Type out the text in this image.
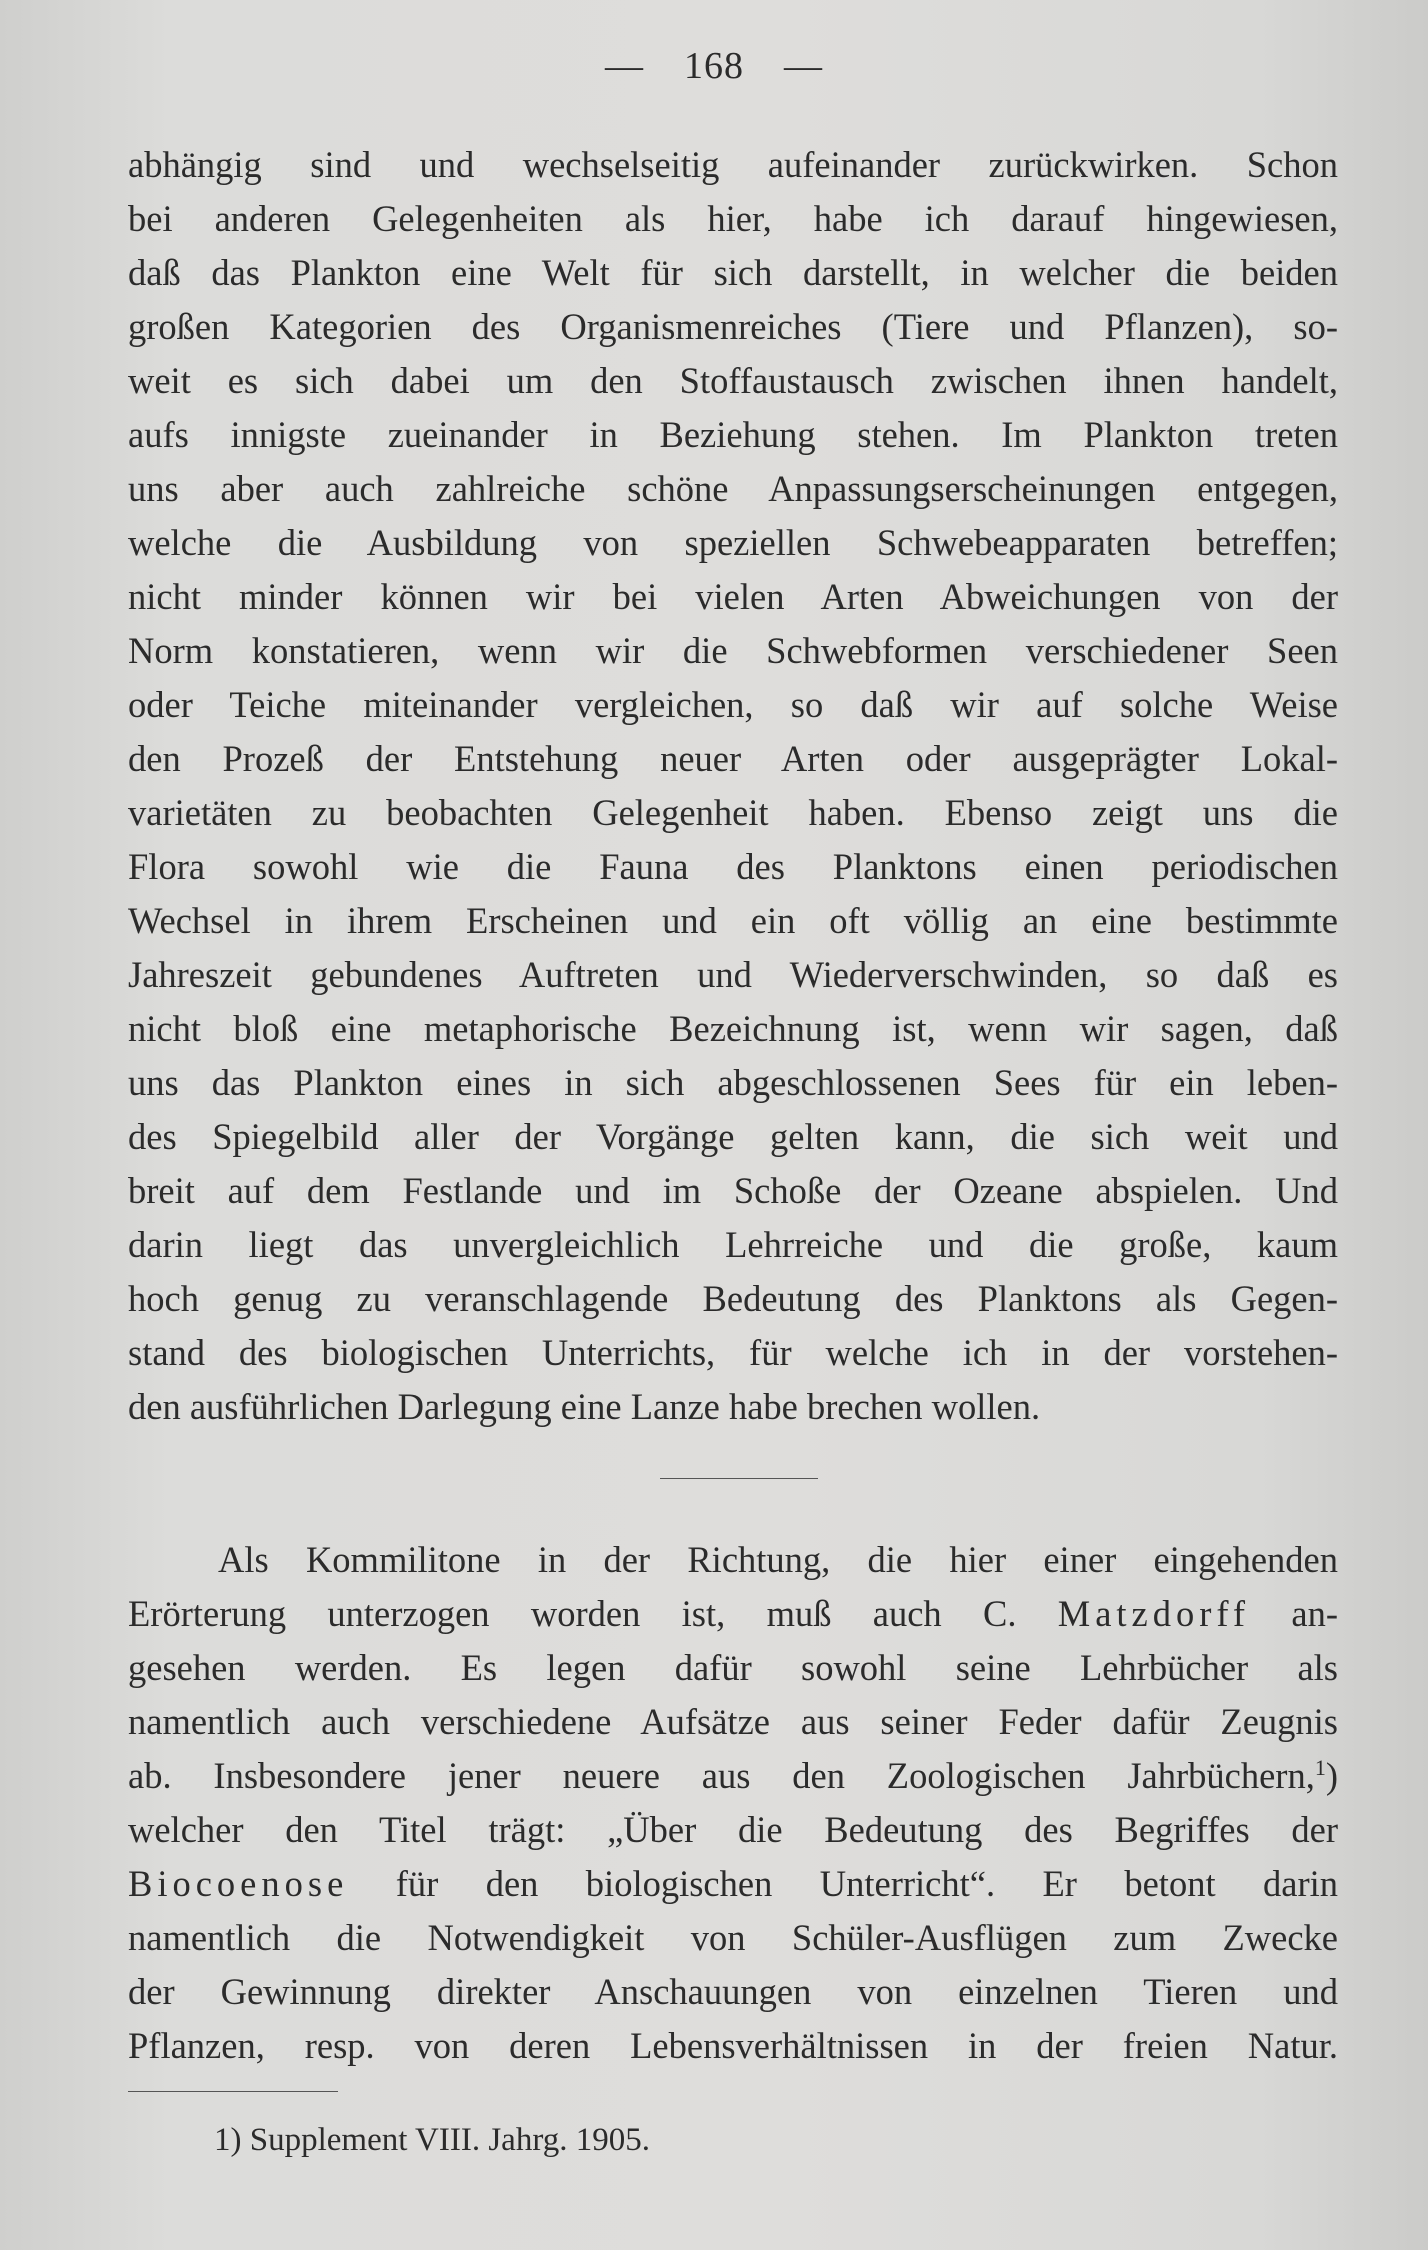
— 168 —
abhängig sind und wechselseitig aufeinander zurückwirken. Schon
bei anderen Gelegenheiten als hier, habe ich darauf hingewiesen,
daß das Plankton eine Welt für sich darstellt, in welcher die beiden
großen Kategorien des Organismenreiches (Tiere und Pflanzen), so-
weit es sich dabei um den Stoffaustausch zwischen ihnen handelt,
aufs innigste zueinander in Beziehung stehen. Im Plankton treten
uns aber auch zahlreiche schöne Anpassungserscheinungen entgegen,
welche die Ausbildung von speziellen Schwebeapparaten betreffen;
nicht minder können wir bei vielen Arten Abweichungen von der
Norm konstatieren, wenn wir die Schwebformen verschiedener Seen
oder Teiche miteinander vergleichen, so daß wir auf solche Weise
den Prozeß der Entstehung neuer Arten oder ausgeprägter Lokal-
varietäten zu beobachten Gelegenheit haben. Ebenso zeigt uns die
Flora sowohl wie die Fauna des Planktons einen periodischen
Wechsel in ihrem Erscheinen und ein oft völlig an eine bestimmte
Jahreszeit gebundenes Auftreten und Wiederverschwinden, so daß es
nicht bloß eine metaphorische Bezeichnung ist, wenn wir sagen, daß
uns das Plankton eines in sich abgeschlossenen Sees für ein leben-
des Spiegelbild aller der Vorgänge gelten kann, die sich weit und
breit auf dem Festlande und im Schoße der Ozeane abspielen. Und
darin liegt das unvergleichlich Lehrreiche und die große, kaum
hoch genug zu veranschlagende Bedeutung des Planktons als Gegen-
stand des biologischen Unterrichts, für welche ich in der vorstehen-
den ausführlichen Darlegung eine Lanze habe brechen wollen.
Als Kommilitone in der Richtung, die hier einer eingehenden
Erörterung unterzogen worden ist, muß auch C. Matzdorff an-
gesehen werden. Es legen dafür sowohl seine Lehrbücher als
namentlich auch verschiedene Aufsätze aus seiner Feder dafür Zeugnis
ab. Insbesondere jener neuere aus den Zoologischen Jahrbüchern,$^1$)
welcher den Titel trägt: „Über die Bedeutung des Begriffes der
Biocoenose für den biologischen Unterricht“. Er betont darin
namentlich die Notwendigkeit von Schüler-Ausflügen zum Zwecke
der Gewinnung direkter Anschauungen von einzelnen Tieren und
Pflanzen, resp. von deren Lebensverhältnissen in der freien Natur.
1) Supplement VIII. Jahrg. 1905.
